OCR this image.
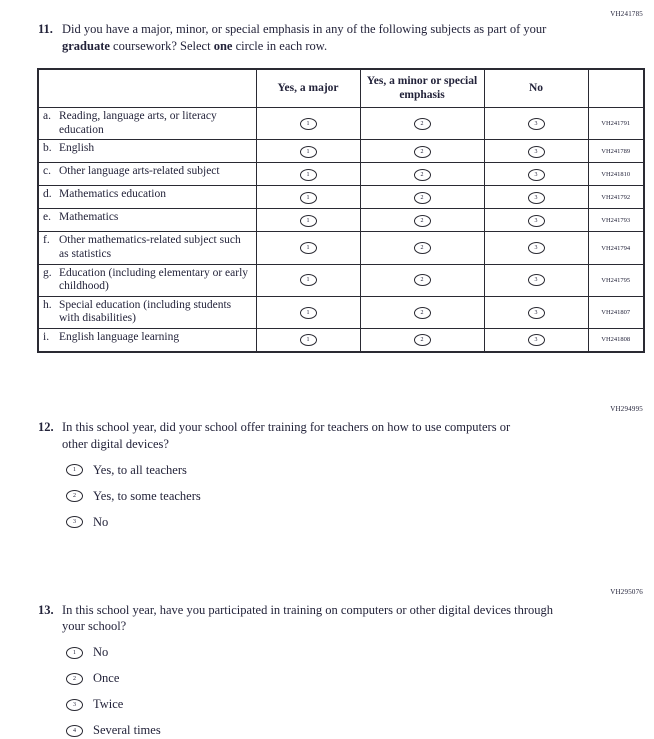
VH241785
11. Did you have a major, minor, or special emphasis in any of the following subjects as part of your graduate coursework? Select one circle in each row.
	Yes, a major	Yes, a minor or special emphasis	No	

a. Reading, language arts, or literacy education	1	2	3	VH241791

b. English	1	2	3	VH241789

c. Other language arts-related subject	1	2	3	VH241810

d. Mathematics education	1	2	3	VH241792

e. Mathematics	1	2	3	VH241793

f. Other mathematics-related subject such as statistics	1	2	3	VH241794

g. Education (including elementary or early childhood)	1	2	3	VH241795

h. Special education (including students with disabilities)	1	2	3	VH241807

i. English language learning	1	2	3	VH241808
VH294995
12. In this school year, did your school offer training for teachers on how to use computers or other digital devices?
1	Yes, to all teachers
2	Yes, to some teachers
3	No
VH295076
13. In this school year, have you participated in training on computers or other digital devices through your school?
1	No
2	Once
3	Twice
4	Several times
